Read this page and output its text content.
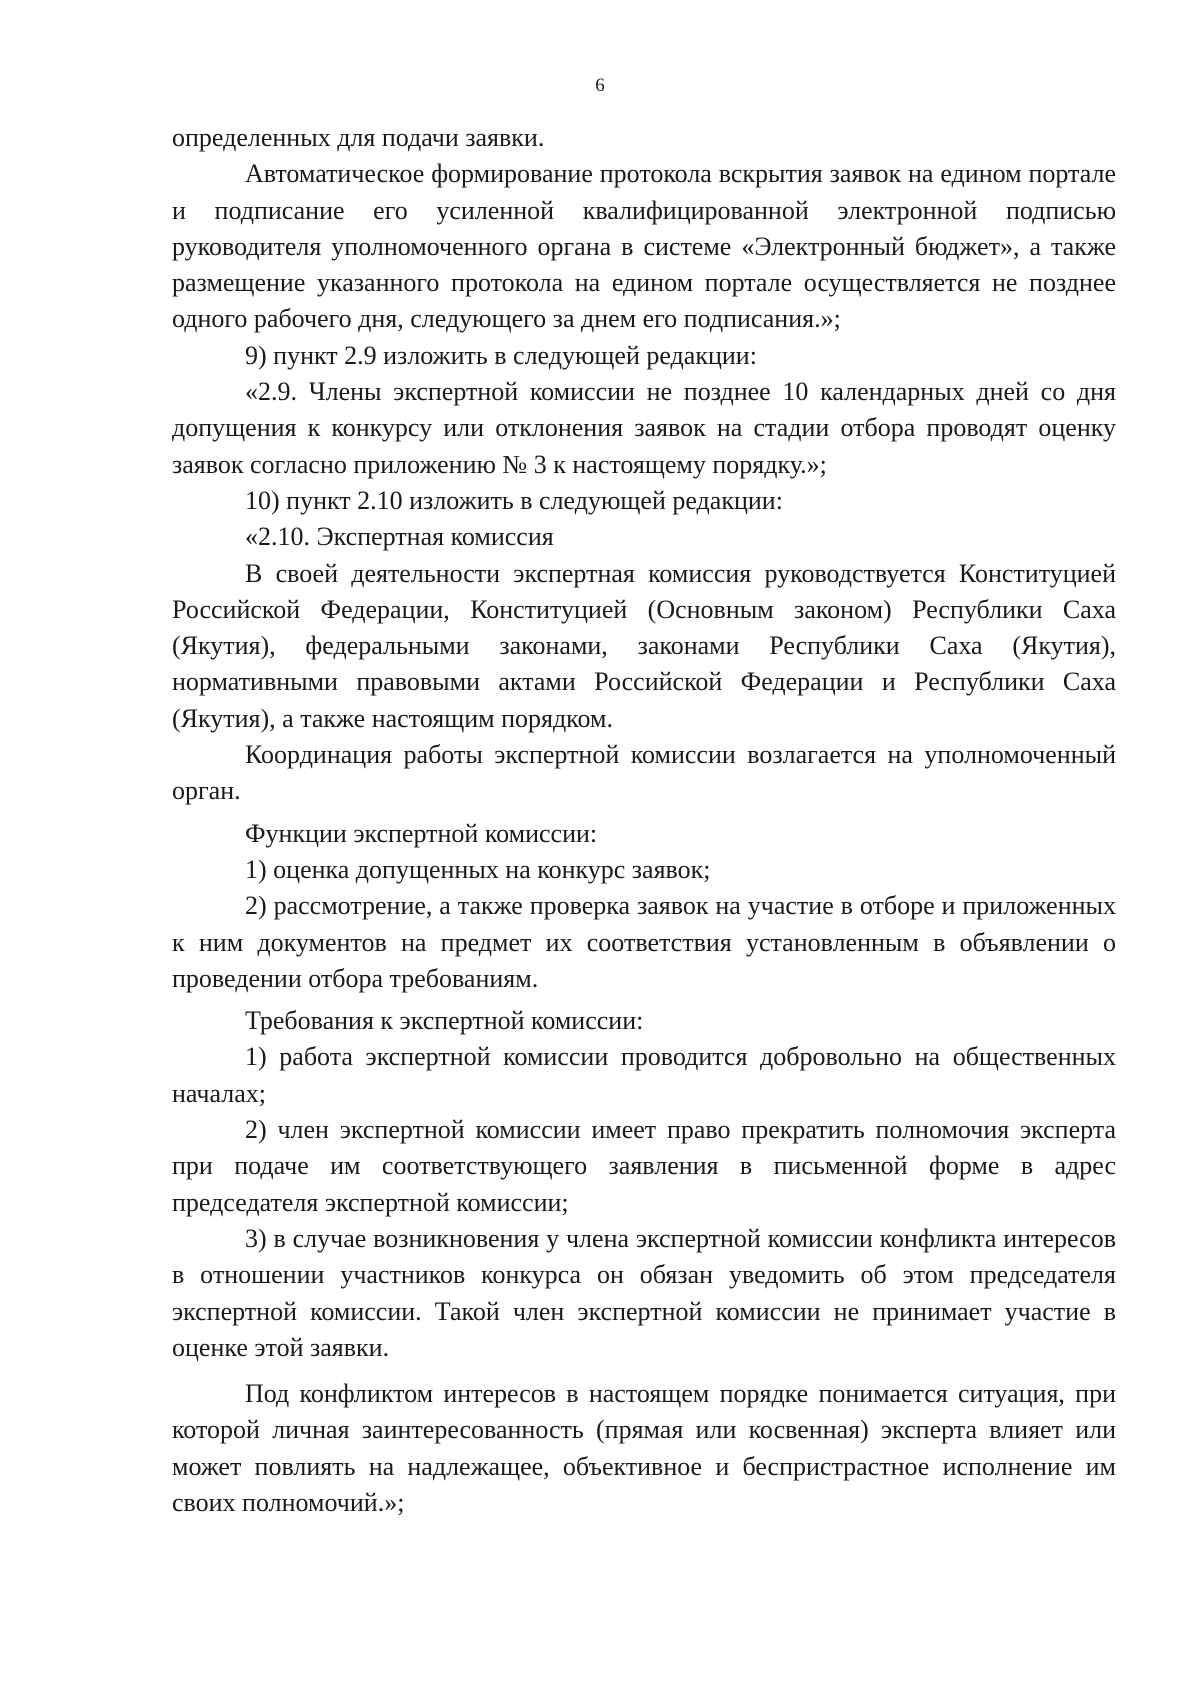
6

определенных для подачи заявки.

Автоматическое формирование протокола вскрытия заявок на едином портале и подписание его усиленной квалифицированной электронной подписью руководителя уполномоченного органа в системе «Электронный бюджет», а также размещение указанного протокола на едином портале осуществляется не позднее одного рабочего дня, следующего за днем его подписания.»;

9) пункт 2.9 изложить в следующей редакции:

«2.9. Члены экспертной комиссии не позднее 10 календарных дней со дня допущения к конкурсу или отклонения заявок на стадии отбора проводят оценку заявок согласно приложению № 3 к настоящему порядку.»;

10) пункт 2.10 изложить в следующей редакции:

«2.10. Экспертная комиссия

В своей деятельности экспертная комиссия руководствуется Конституцией Российской Федерации, Конституцией (Основным законом) Республики Саха (Якутия), федеральными законами, законами Республики Саха (Якутия), нормативными правовыми актами Российской Федерации и Республики Саха (Якутия), а также настоящим порядком.

Координация работы экспертной комиссии возлагается на уполномоченный орган.

Функции экспертной комиссии:

1) оценка допущенных на конкурс заявок;

2) рассмотрение, а также проверка заявок на участие в отборе и приложенных к ним документов на предмет их соответствия установленным в объявлении о проведении отбора требованиям.

Требования к экспертной комиссии:

1) работа экспертной комиссии проводится добровольно на общественных началах;

2) член экспертной комиссии имеет право прекратить полномочия эксперта при подаче им соответствующего заявления в письменной форме в адрес председателя экспертной комиссии;

3) в случае возникновения у члена экспертной комиссии конфликта интересов в отношении участников конкурса он обязан уведомить об этом председателя экспертной комиссии. Такой член экспертной комиссии не принимает участие в оценке этой заявки.

Под конфликтом интересов в настоящем порядке понимается ситуация, при которой личная заинтересованность (прямая или косвенная) эксперта влияет или может повлиять на надлежащее, объективное и беспристрастное исполнение им своих полномочий.»;
